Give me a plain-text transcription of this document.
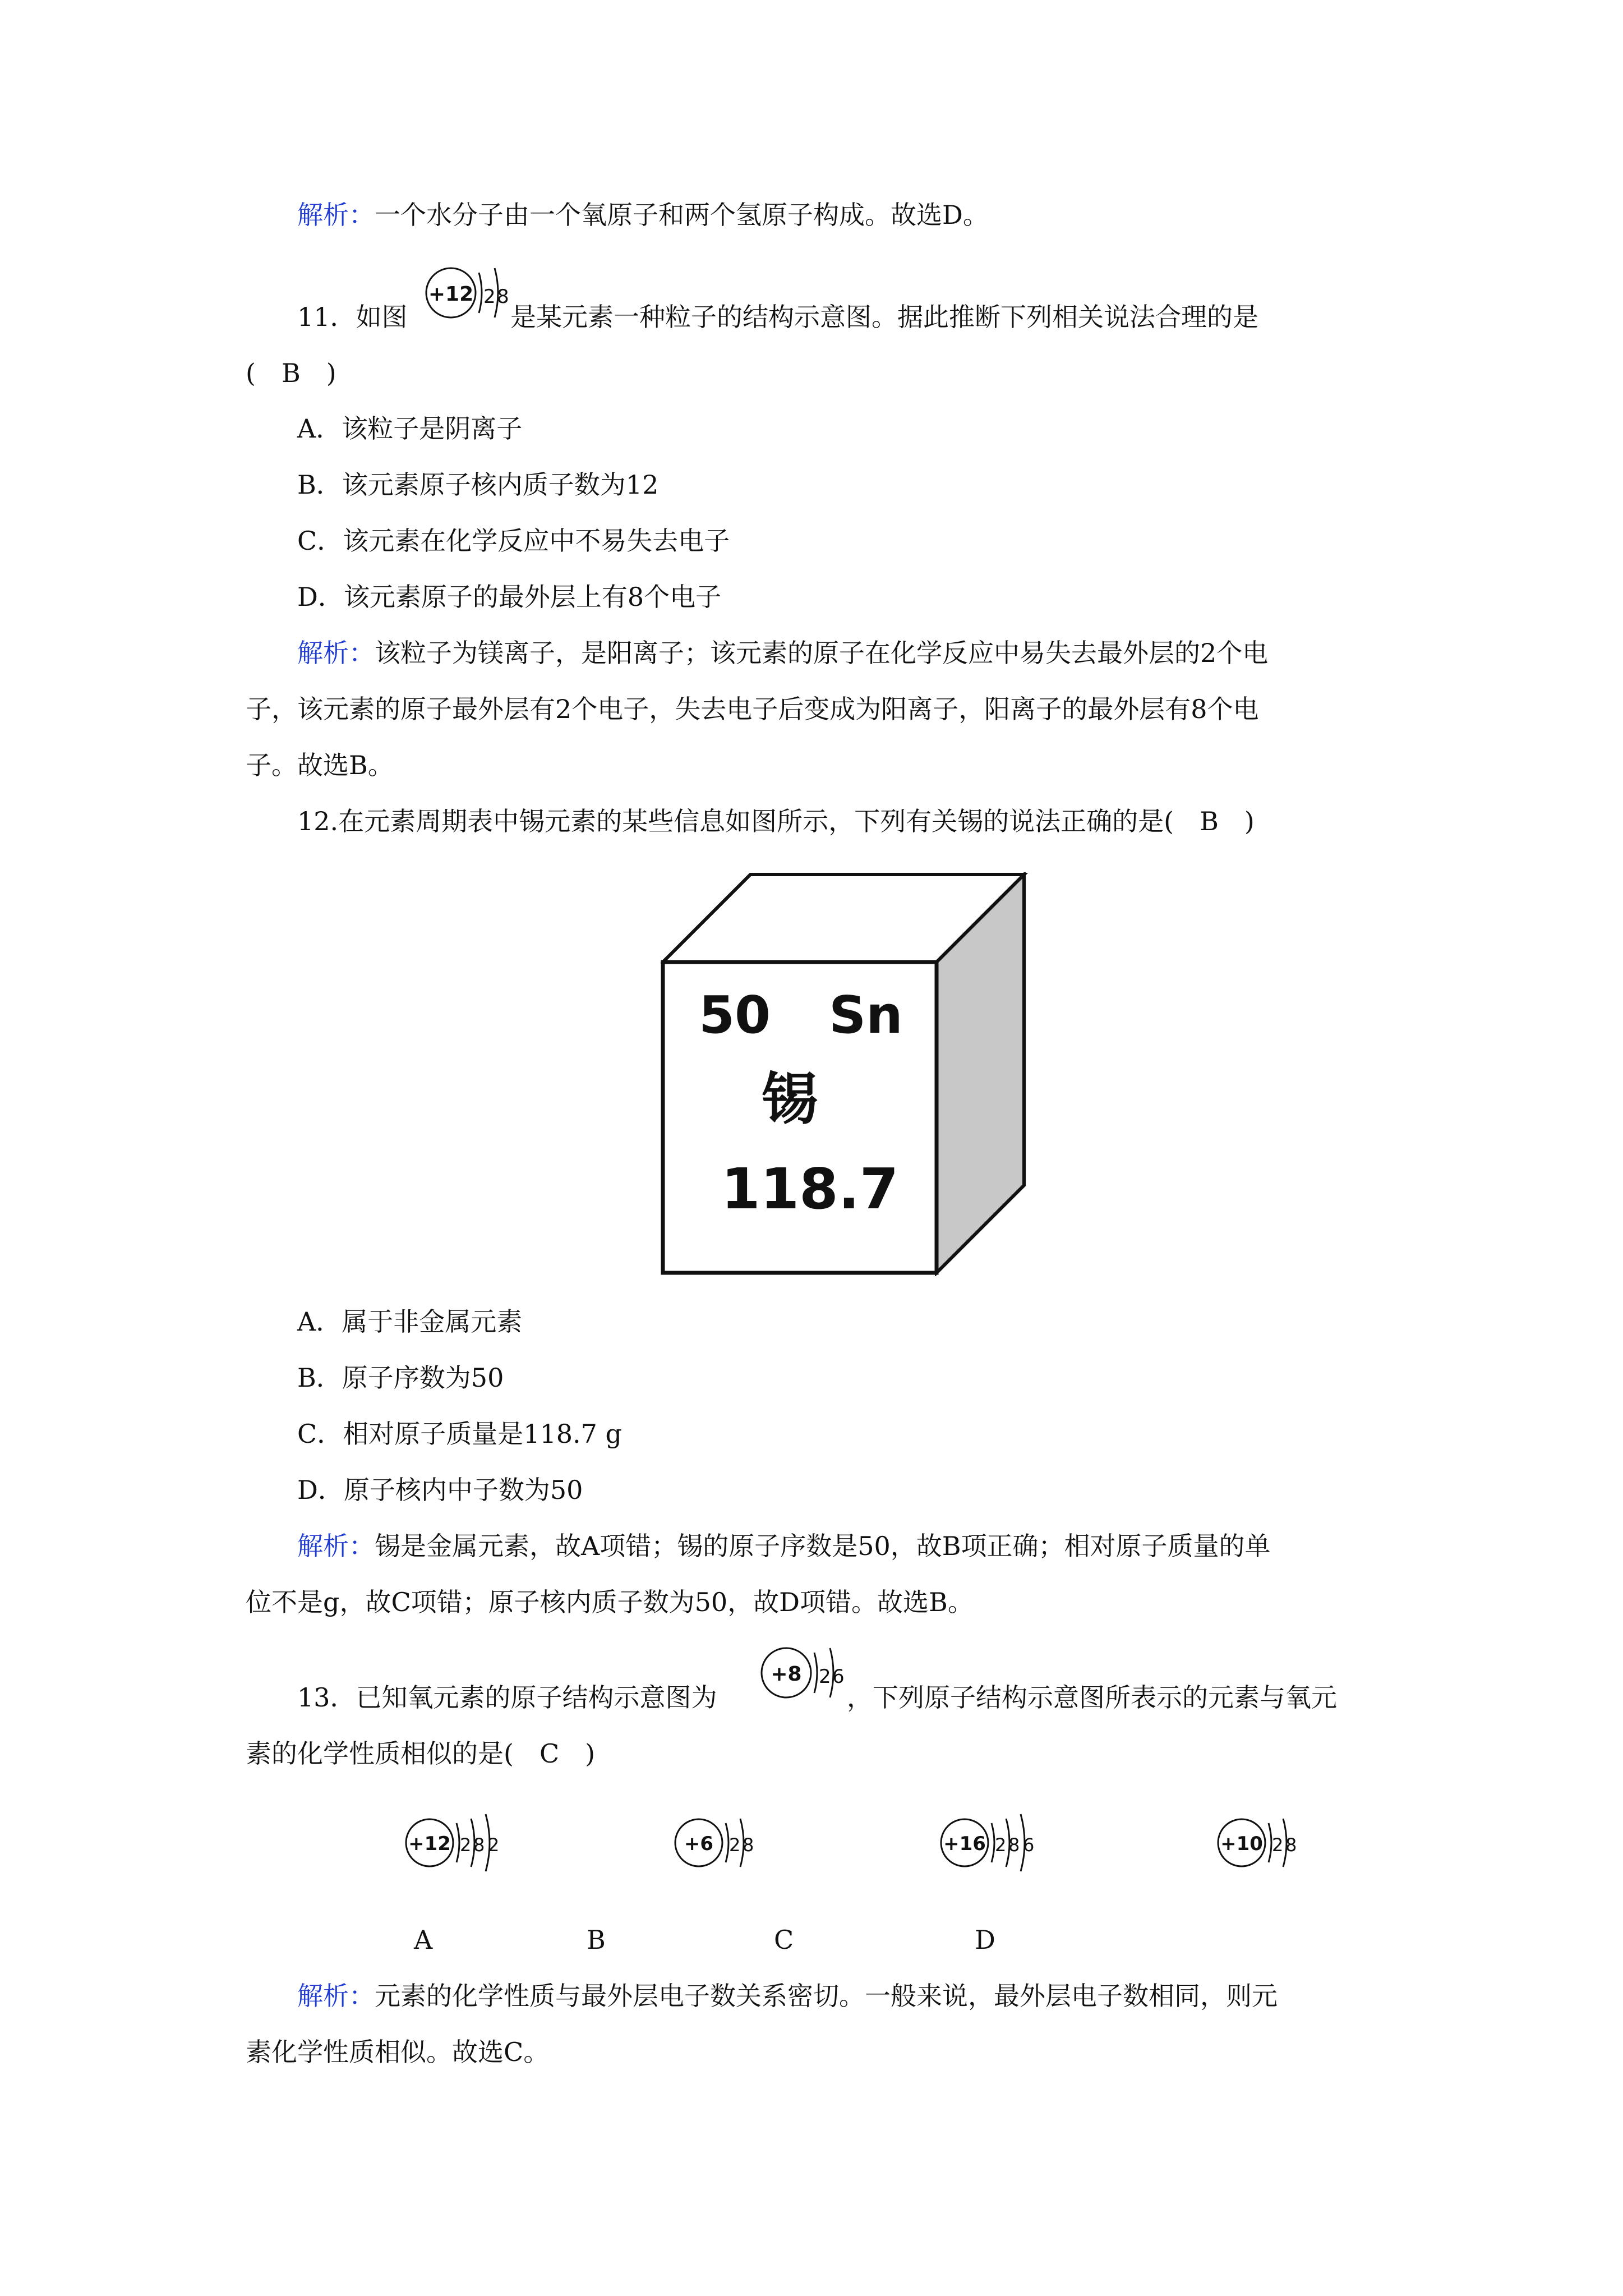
解析：一个水分子由一个氧原子和两个氢原子构成。故选D。
11．如图
+12 2 8
是某元素一种粒子的结构示意图。据此推断下列相关说法合理的是
(　B　)
A．该粒子是阴离子
B．该元素原子核内质子数为12
C．该元素在化学反应中不易失去电子
D．该元素原子的最外层上有8个电子
解析：该粒子为镁离子，是阳离子；该元素的原子在化学反应中易失去最外层的2个电
子，该元素的原子最外层有2个电子，失去电子后变成为阳离子，阳离子的最外层有8个电
子。故选B。
12.在元素周期表中锡元素的某些信息如图所示，下列有关锡的说法正确的是(　B　)
50 Sn
锡
118.7
A．属于非金属元素
B．原子序数为50
C．相对原子质量是118.7 g
D．原子核内中子数为50
解析：锡是金属元素，故A项错；锡的原子序数是50，故B项正确；相对原子质量的单
位不是g，故C项错；原子核内质子数为50，故D项错。故选B。
13．已知氧元素的原子结构示意图为
+8 2 6
，下列原子结构示意图所表示的元素与氧元
素的化学性质相似的是(　C　)
+12 2 8 2	+6 2 8	+16 2 8 6	+10 2 8
A	B	C	D
解析：元素的化学性质与最外层电子数关系密切。一般来说，最外层电子数相同，则元
素化学性质相似。故选C。
